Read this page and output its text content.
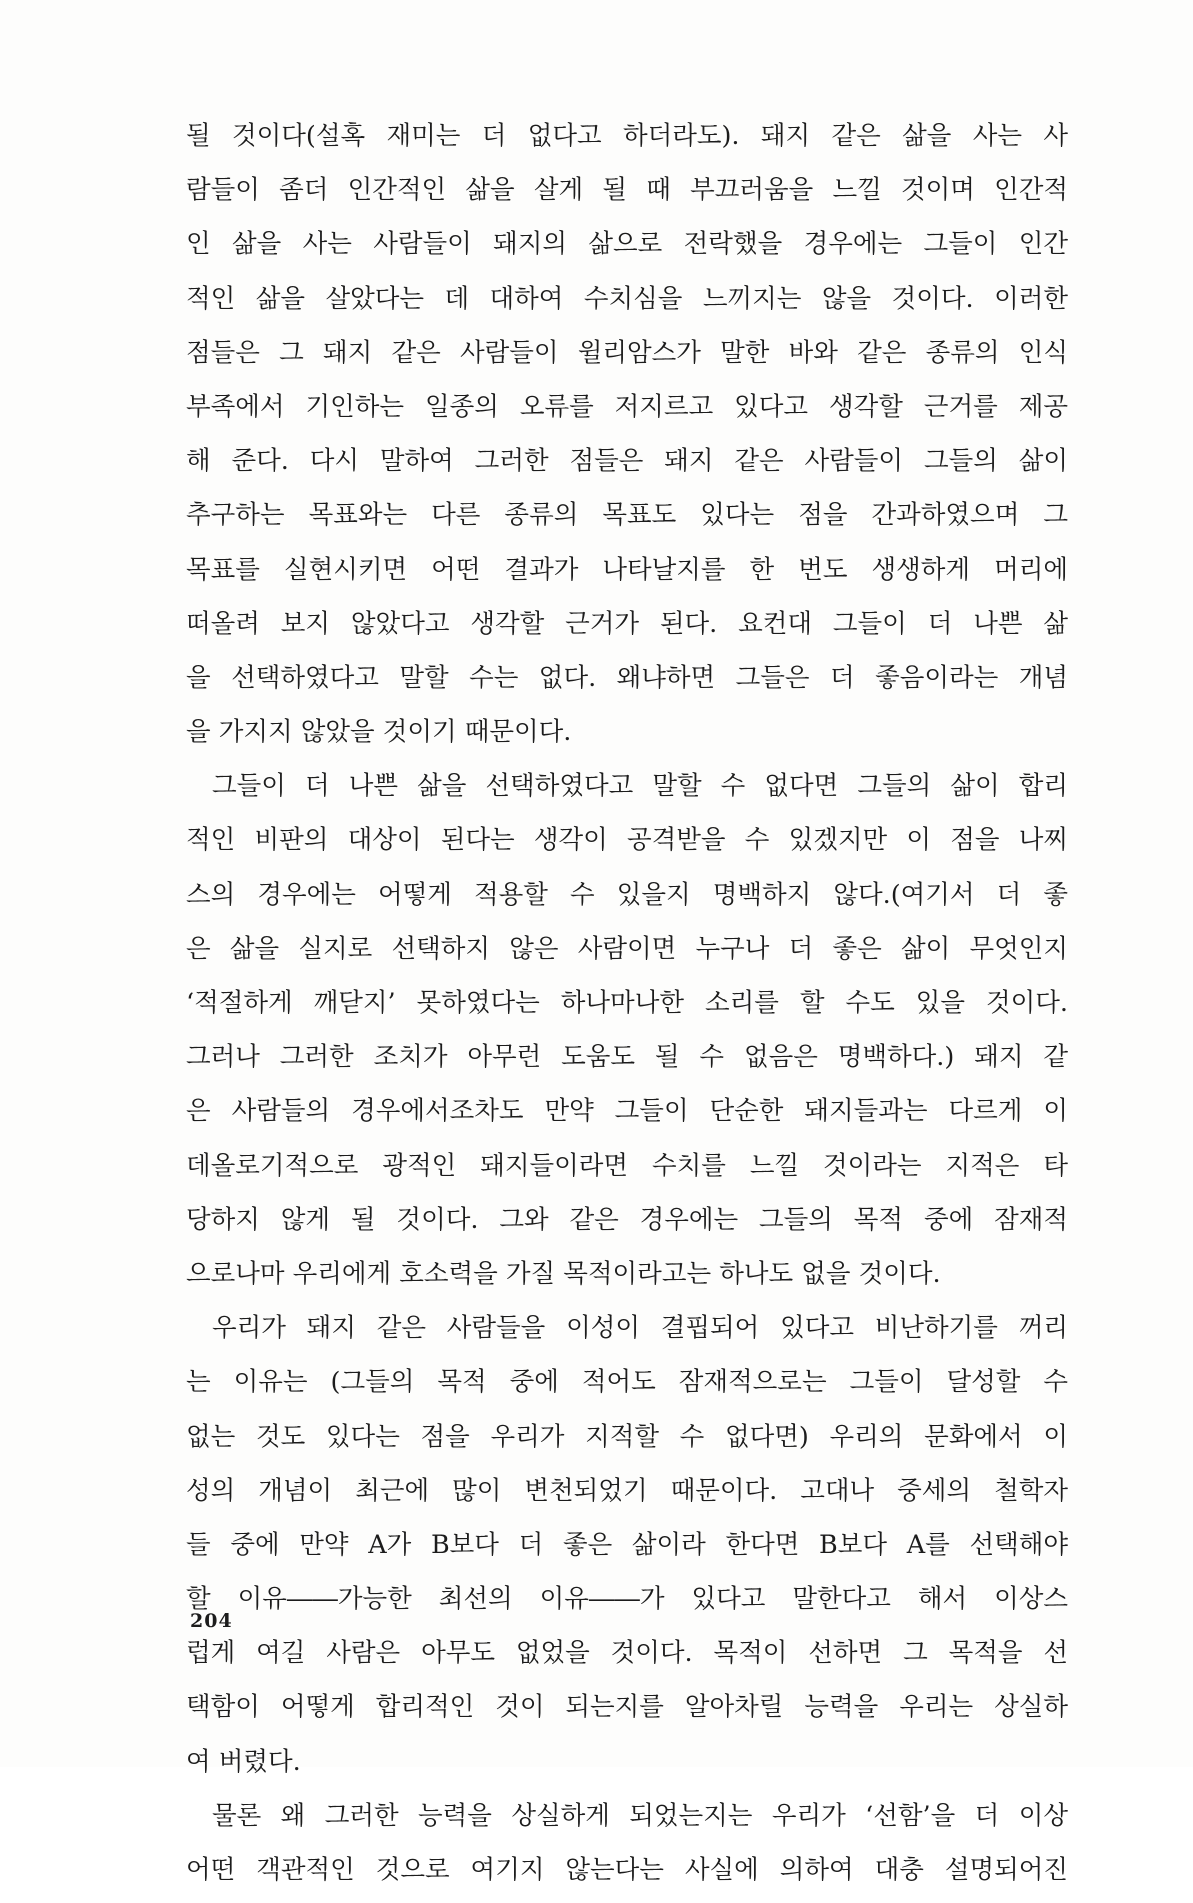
될 것이다(설혹 재미는 더 없다고 하더라도). 돼지 같은 삶을 사는 사
람들이 좀더 인간적인 삶을 살게 될 때 부끄러움을 느낄 것이며 인간적
인 삶을 사는 사람들이 돼지의 삶으로 전락했을 경우에는 그들이 인간
적인 삶을 살았다는 데 대하여 수치심을 느끼지는 않을 것이다. 이러한
점들은 그 돼지 같은 사람들이 윌리암스가 말한 바와 같은 종류의 인식
부족에서 기인하는 일종의 오류를 저지르고 있다고 생각할 근거를 제공
해 준다. 다시 말하여 그러한 점들은 돼지 같은 사람들이 그들의 삶이
추구하는 목표와는 다른 종류의 목표도 있다는 점을 간과하였으며 그
목표를 실현시키면 어떤 결과가 나타날지를 한 번도 생생하게 머리에
떠올려 보지 않았다고 생각할 근거가 된다. 요컨대 그들이 더 나쁜 삶
을 선택하였다고 말할 수는 없다. 왜냐하면 그들은 더 좋음이라는 개념
을 가지지 않았을 것이기 때문이다.
그들이 더 나쁜 삶을 선택하였다고 말할 수 없다면 그들의 삶이 합리
적인 비판의 대상이 된다는 생각이 공격받을 수 있겠지만 이 점을 나찌
스의 경우에는 어떻게 적용할 수 있을지 명백하지 않다.(여기서 더 좋
은 삶을 실지로 선택하지 않은 사람이면 누구나 더 좋은 삶이 무엇인지
‘적절하게 깨닫지’ 못하였다는 하나마나한 소리를 할 수도 있을 것이다.
그러나 그러한 조치가 아무런 도움도 될 수 없음은 명백하다.) 돼지 같
은 사람들의 경우에서조차도 만약 그들이 단순한 돼지들과는 다르게 이
데올로기적으로 광적인 돼지들이라면 수치를 느낄 것이라는 지적은 타
당하지 않게 될 것이다. 그와 같은 경우에는 그들의 목적 중에 잠재적
으로나마 우리에게 호소력을 가질 목적이라고는 하나도 없을 것이다.
우리가 돼지 같은 사람들을 이성이 결핍되어 있다고 비난하기를 꺼리
는 이유는 (그들의 목적 중에 적어도 잠재적으로는 그들이 달성할 수
없는 것도 있다는 점을 우리가 지적할 수 없다면) 우리의 문화에서 이
성의 개념이 최근에 많이 변천되었기 때문이다. 고대나 중세의 철학자
들 중에 만약 A가 B보다 더 좋은 삶이라 한다면 B보다 A를 선택해야
할 이유――가능한 최선의 이유――가 있다고 말한다고 해서 이상스
럽게 여길 사람은 아무도 없었을 것이다. 목적이 선하면 그 목적을 선
택함이 어떻게 합리적인 것이 되는지를 알아차릴 능력을 우리는 상실하
여 버렸다.
물론 왜 그러한 능력을 상실하게 되었는지는 우리가 ‘선함’을 더 이상
어떤 객관적인 것으로 여기지 않는다는 사실에 의하여 대충 설명되어진
204
